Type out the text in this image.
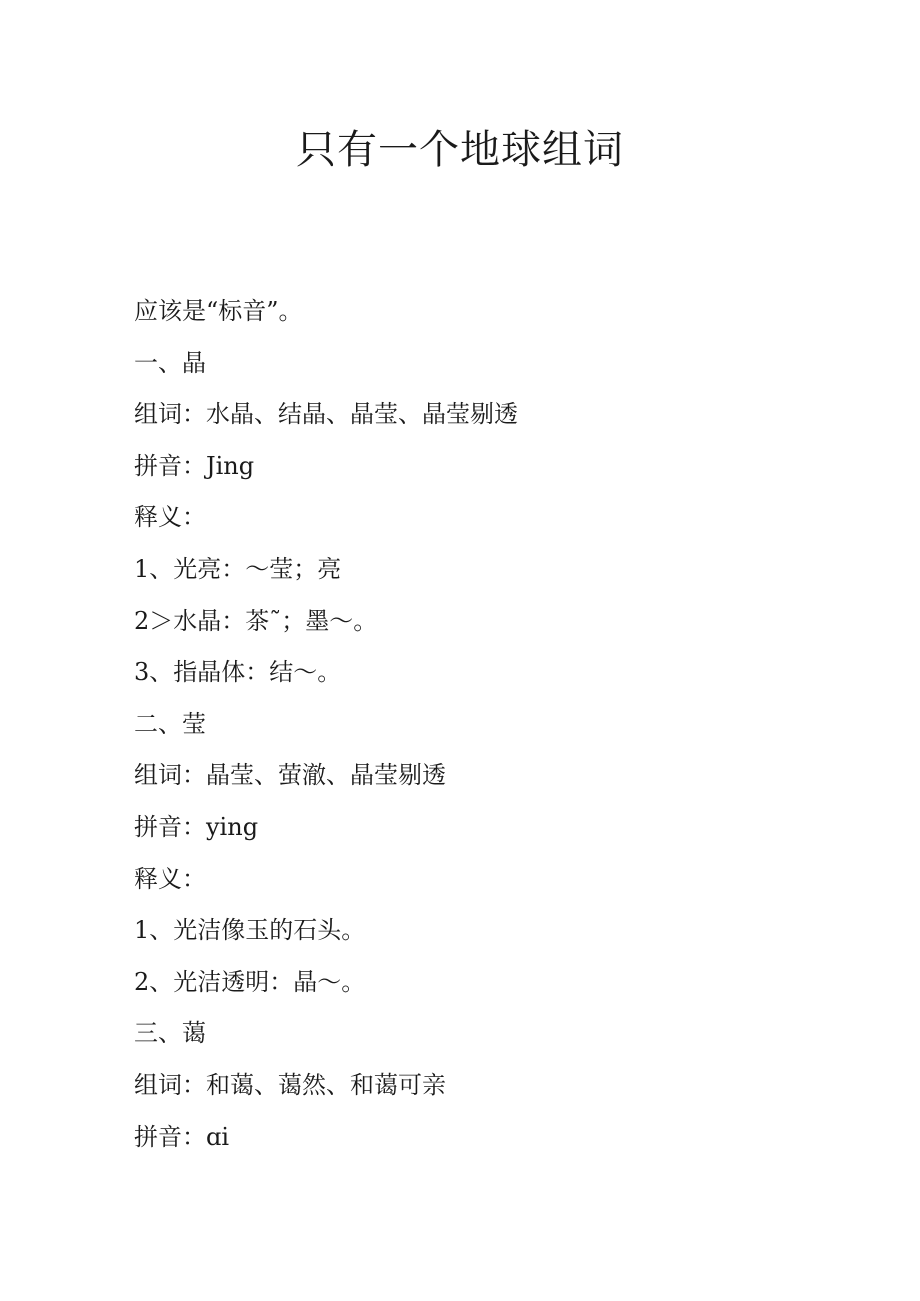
只有一个地球组词
应该是“标音”。
一、晶
组词：水晶、结晶、晶莹、晶莹剔透
拼音：Jing
释义：
1、光亮：～莹；亮
2＞水晶：茶˜；墨～。
3、指晶体：结～。
二、莹
组词：晶莹、萤澈、晶莹剔透
拼音：ying
释义：
1、光洁像玉的石头。
2、光洁透明：晶～。
三、蔼
组词：和蔼、蔼然、和蔼可亲
拼音：ɑi
